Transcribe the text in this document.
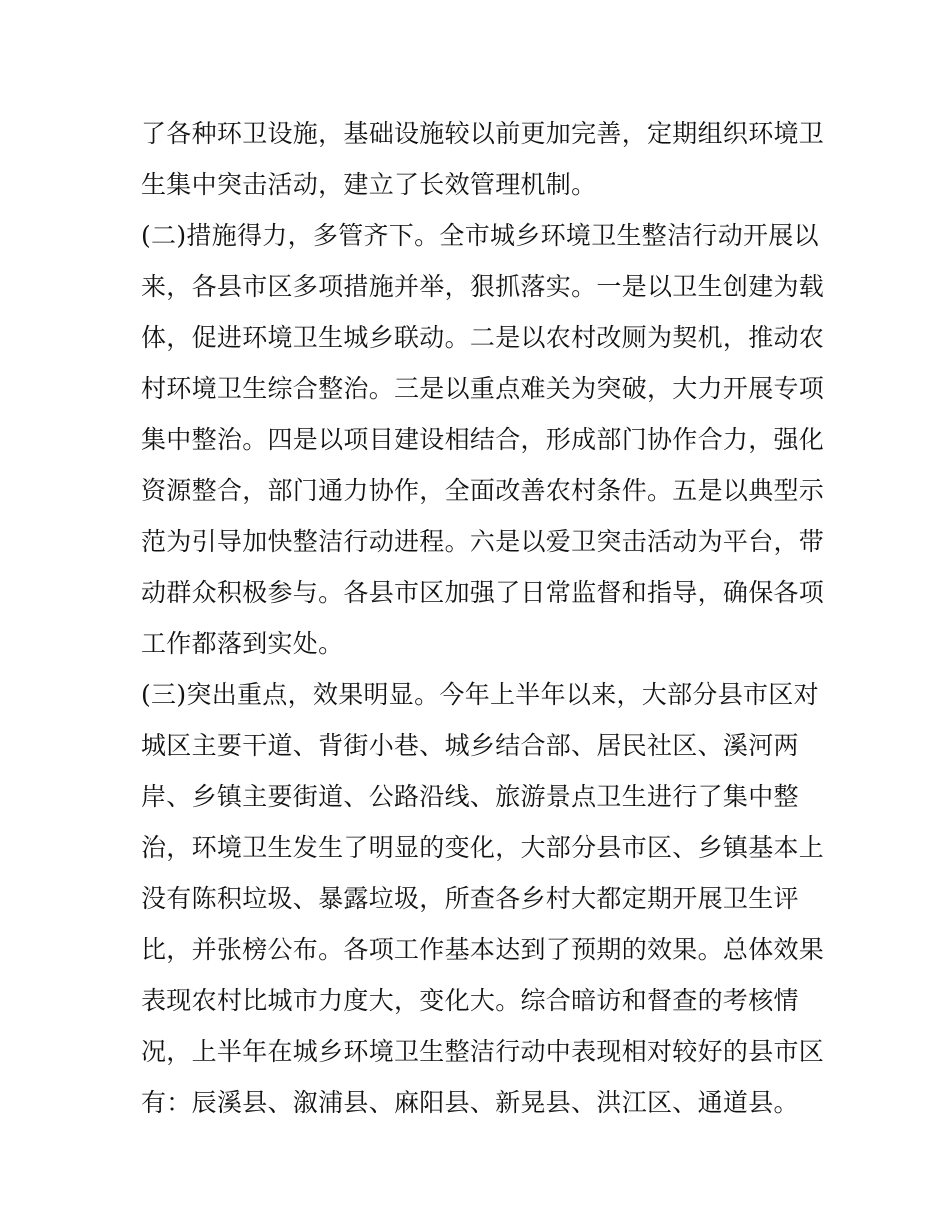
了各种环卫设施，基础设施较以前更加完善，定期组织环境卫
生集中突击活动，建立了长效管理机制。
(二)措施得力，多管齐下。全市城乡环境卫生整洁行动开展以
来，各县市区多项措施并举，狠抓落实。一是以卫生创建为载
体，促进环境卫生城乡联动。二是以农村改厕为契机，推动农
村环境卫生综合整治。三是以重点难关为突破，大力开展专项
集中整治。四是以项目建设相结合，形成部门协作合力，强化
资源整合，部门通力协作，全面改善农村条件。五是以典型示
范为引导加快整洁行动进程。六是以爱卫突击活动为平台，带
动群众积极参与。各县市区加强了日常监督和指导，确保各项
工作都落到实处。
(三)突出重点，效果明显。今年上半年以来，大部分县市区对
城区主要干道、背街小巷、城乡结合部、居民社区、溪河两
岸、乡镇主要街道、公路沿线、旅游景点卫生进行了集中整
治，环境卫生发生了明显的变化，大部分县市区、乡镇基本上
没有陈积垃圾、暴露垃圾，所查各乡村大都定期开展卫生评
比，并张榜公布。各项工作基本达到了预期的效果。总体效果
表现农村比城市力度大，变化大。综合暗访和督查的考核情
况，上半年在城乡环境卫生整洁行动中表现相对较好的县市区
有：辰溪县、溆浦县、麻阳县、新晃县、洪江区、通道县。
